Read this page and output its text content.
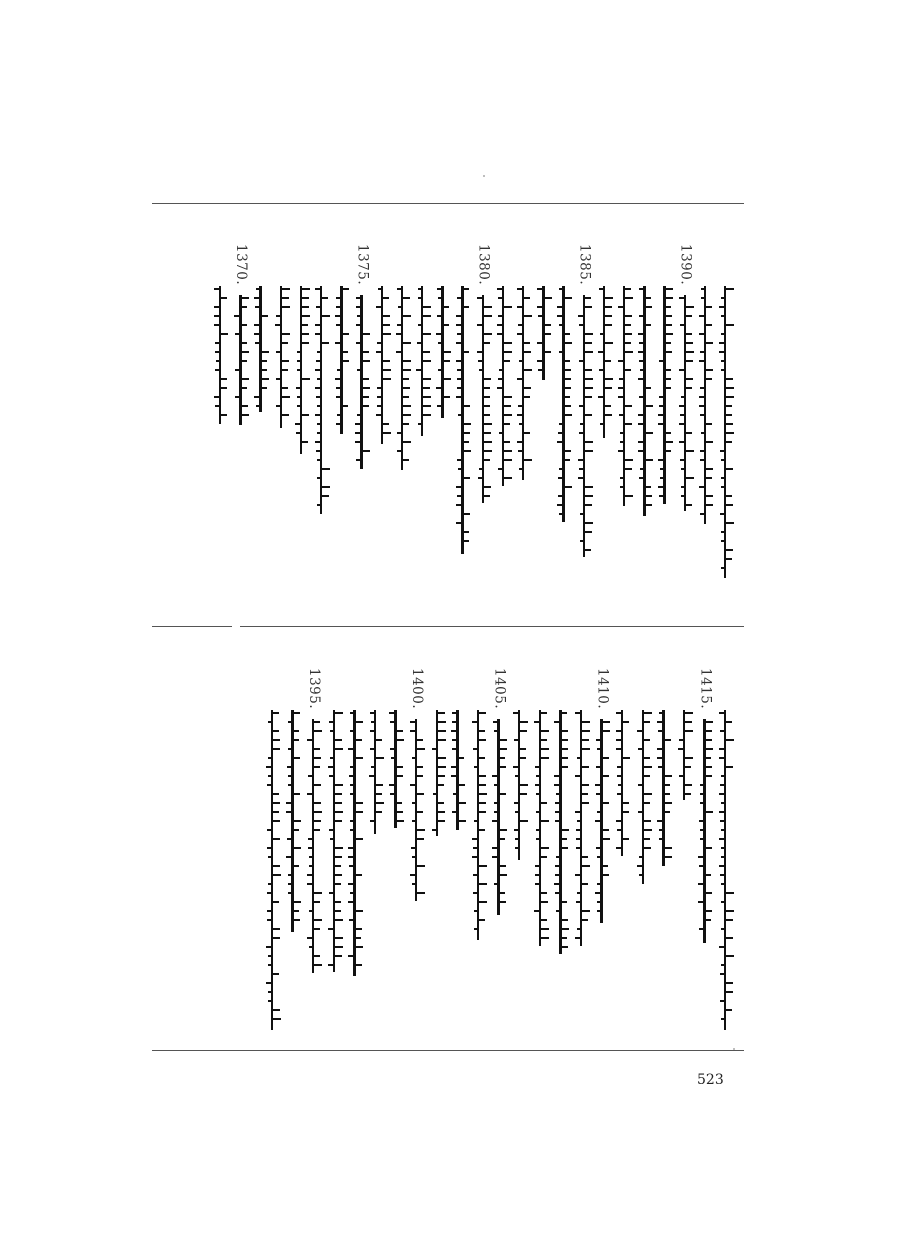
1390.
1385.
1380.
1375.
1370.
1415.
1410.
1405.
1400.
1395.
523
